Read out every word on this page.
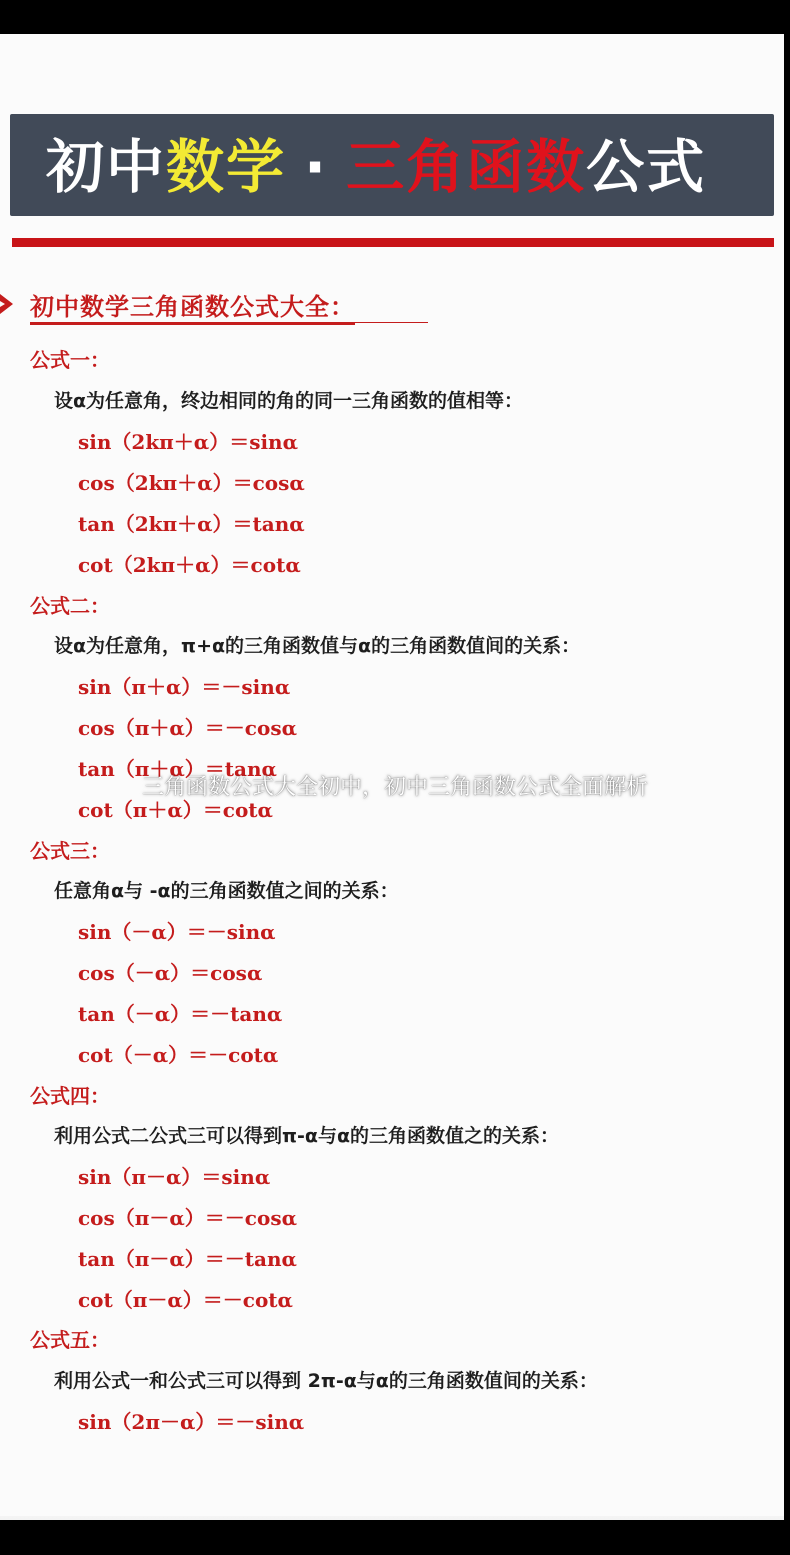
初中数学 · 三角函数公式
初中数学三角函数公式大全：
公式一：
设α为任意角，终边相同的角的同一三角函数的值相等：
sin（2kπ＋α）＝sinα
cos（2kπ＋α）＝cosα
tan（2kπ＋α）＝tanα
cot（2kπ＋α）＝cotα
公式二：
设α为任意角，π+α的三角函数值与α的三角函数值间的关系：
sin（π＋α）＝－sinα
cos（π＋α）＝－cosα
tan（π＋α）＝tanα
cot（π＋α）＝cotα
公式三：
任意角α与 -α的三角函数值之间的关系：
sin（－α）＝－sinα
cos（－α）＝cosα
tan（－α）＝－tanα
cot（－α）＝－cotα
公式四：
利用公式二公式三可以得到π-α与α的三角函数值之的关系：
sin（π－α）＝sinα
cos（π－α）＝－cosα
tan（π－α）＝－tanα
cot（π－α）＝－cotα
公式五：
利用公式一和公式三可以得到 2π-α与α的三角函数值间的关系：
sin（2π－α）＝－sinα
三角函数公式大全初中，初中三角函数公式全面解析
